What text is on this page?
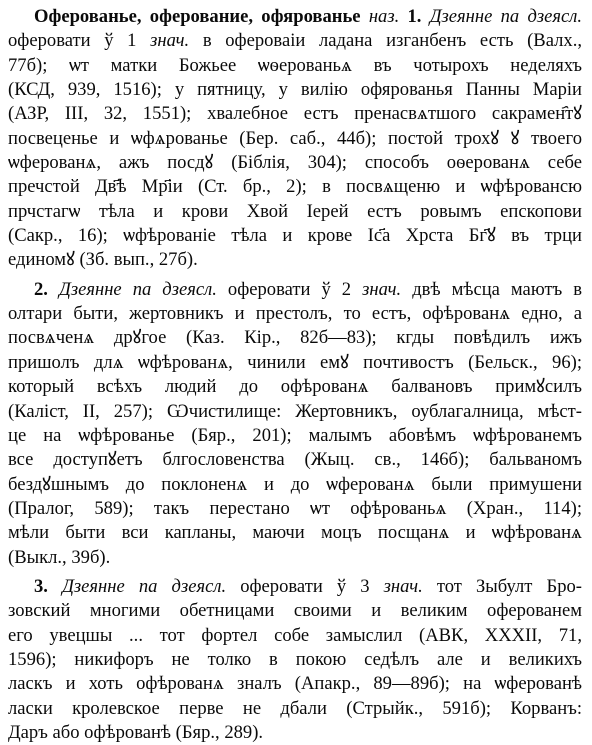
Оферованье, оферование, офярованье наз. 1. Дзеянне па дзеясл.
оферовати ў 1 знач. в офероваiи ладана изганбенъ есть (Валх.,
77б); ѡт матки Божьее ѡѳерованьѧ въ чотырохъ неделяхъ
(КСД, 939, 1516); у пятницу, у вилiю офярованья Панны Марiи
(АЗР, III, 32, 1551); хвалебное естъ пренасвѧтшого сакрамен҄тꙋ
посвеценье и ѡфѧрованье (Бер. саб., 44б); постой трохꙋ ꙋ твоего
ѡферованѧ, ажъ посдꙋ (Бiблiя, 304); способъ оѳерованѧ себе
пречстой Дв҃ѣ Мр҃іи (Ст. бр., 2); в посвѧщеню и ѡфѣровансю
прчстагѡ тѣла и крови Хвой Iерей естъ ровымъ епскопови
(Сакр., 16); ѡфѣрованiе тѣла и крове Іс҃а Хрста Бг҃ꙋ въ трци
единомꙋ (Зб. вып., 27б).
2. Дзеянне па дзеясл. оферовати ў 2 знач. двѣ мѣсца маютъ в
олтари быти, жертовникъ и престолъ, то естъ, офѣрованѧ едно, а
посвѧченѧ дрꙋгое (Каз. Кiр., 82б—83); кгды повѣдилъ ижъ
пришолъ длѧ ѡфѣрованѧ, чинили емꙋ почтивостъ (Бельск., 96);
который всѣхъ людий до офѣрованѧ балвановъ примꙋсилъ
(Калiст, II, 257); Ѡчистилище: Жертовникъ, оублагалница, мѣст-
це на ѡфѣрованье (Бяр., 201); малымъ абовѣмъ ѡфѣрованемъ
все доступꙋетъ блгословенства (Жыц. св., 146б); бальваномъ
бездꙋшнымъ до поклоненѧ и до ѡферованѧ были примушени
(Пралог, 589); такъ перестано ѡт офѣрованьѧ (Хран., 114);
мѣли быти вси капланы, маючи моцъ посщанѧ и ѡфѣрованѧ
(Выкл., 39б).
3. Дзеянне па дзеясл. оферовати ў 3 знач. тот Зыбулт Бро-
зовский многими обетницами своими и великим оферованем
его увецшы ... тот фортел собе замыслил (АВК, XXXII, 71,
1596); никифоръ не толко в покою седѣлъ але и великихъ
ласкъ и хоть офѣрованѧ зналъ (Апакр., 89—89б); на ѡферованѣ
ласки кролевское перве не дбали (Стрыйк., 591б); Корванъ:
Даръ або офѣрованѣ (Бяр., 289).
